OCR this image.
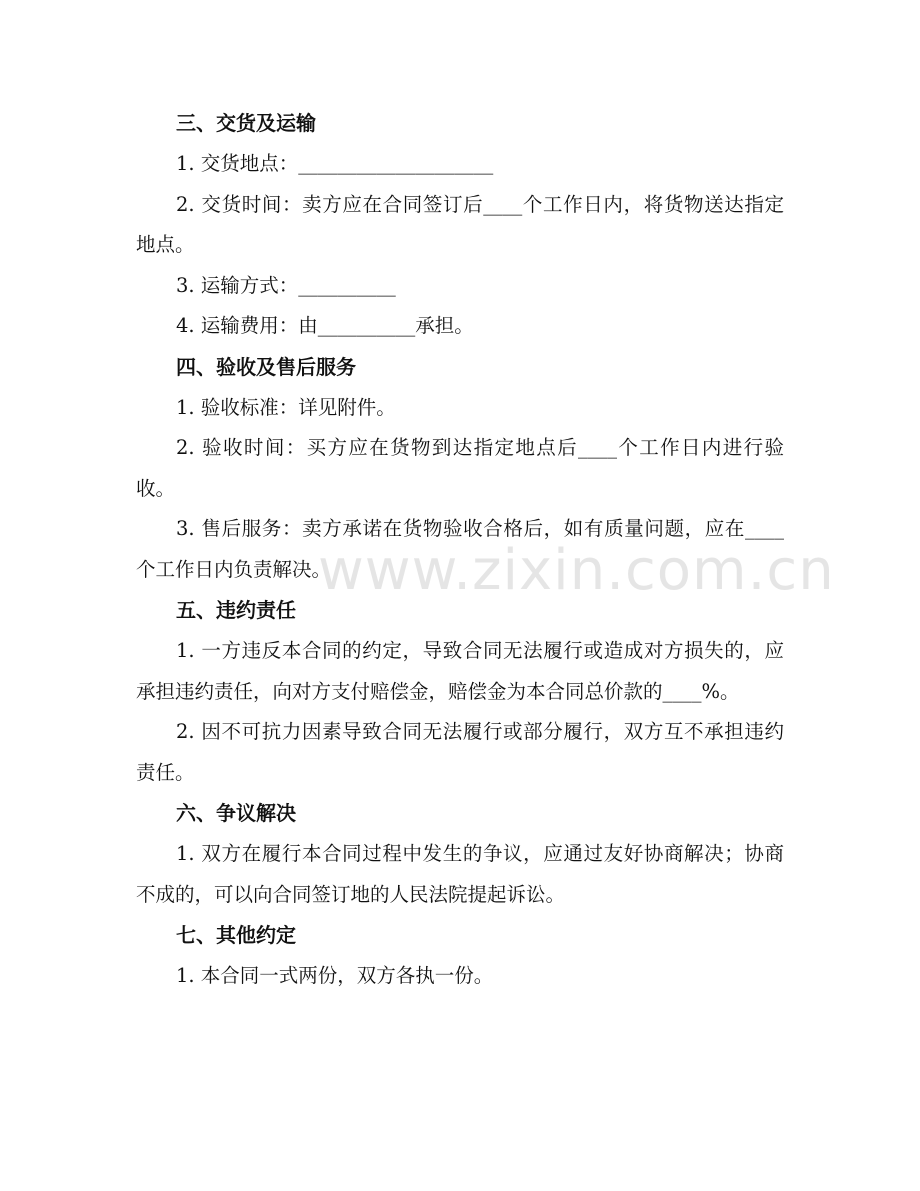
三、交货及运输

1. 交货地点：____________________

2. 交货时间：卖方应在合同签订后____个工作日内，将货物送达指定地点。

3. 运输方式：__________

4. 运输费用：由__________承担。

四、验收及售后服务

1. 验收标准：详见附件。

2. 验收时间：买方应在货物到达指定地点后____个工作日内进行验收。

3. 售后服务：卖方承诺在货物验收合格后，如有质量问题，应在____个工作日内负责解决。

五、违约责任

1. 一方违反本合同的约定，导致合同无法履行或造成对方损失的，应承担违约责任，向对方支付赔偿金，赔偿金为本合同总价款的____%。

2. 因不可抗力因素导致合同无法履行或部分履行，双方互不承担违约责任。

六、争议解决

1. 双方在履行本合同过程中发生的争议，应通过友好协商解决；协商不成的，可以向合同签订地的人民法院提起诉讼。

七、其他约定

1. 本合同一式两份，双方各执一份。

www.zixin.com.cn
